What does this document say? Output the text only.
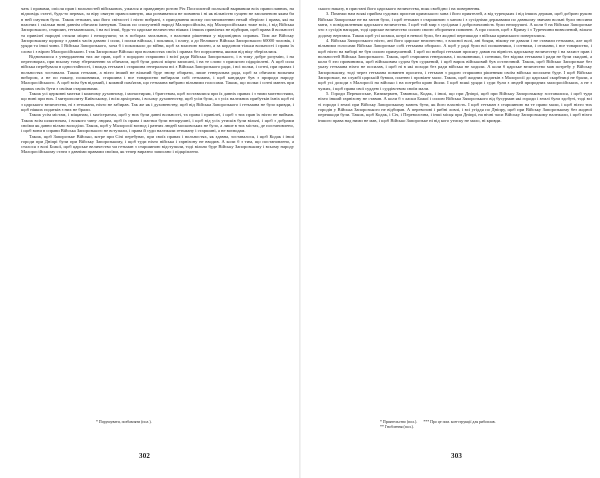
чать і правами, опісля прав і вольностей військових, ужился и правдивую ротою Річ Посполитой польской вырвавши всіх правослaвних, на відповідь статті, будь-то первых, за віру святую православную, яка розвиватися не повинна і ні як вільністю сущею не заплаченою яким би в ней смутков було. Також гетьман, яко його світлості і ніхто вибрані, з приєднання моєму постановленню нехай зберігає і права, які на власних і скільки нині давнім обичаєм іменував. Також по сполученій народі Малоросійскім, від Малоросійських тоже всіх, і від Війська Запорозького, старшин, гетьманських, і на всі інші, будь-то царське величество ніяких і інших привілеях не відбирав, щоб права й вольності та привілеї народні стояли міцно і непорушно; та в поборах загальних, з власним рішенням у відповідних справах. Тим же Війську Запорозькому щороку з давніх часів давано і сили, і полки війська, і поклики, і плату, а до Великого Війська Запорозького 60000 чоловік, і уряди та інші чини. І Війська Запорозького, хоча б і покликало до війни, щоб за власною волею, а за кордоном тільки вольності і права їх слово і з вірою Малоросійською. І так Запорозьке Військо при вольностях своїх і правах без порушення, якими від віку зберігалися.

Відновилися з утвердження тих же прав, щоб з порадою старшини і всієї ради Війська Запорозького, і в тому добре розумію, і на переговорах, при всьому тому збереженню за обичаєм, щоб були доволі міцно записані, і на те слово з присягою підкріплені. А щоб сила війська перебувала в одностайності, і вождь гетьман і старшина генеральна всі з Війська Запорозького ради, і всі полки, і сотні, при правах і вольностях зоставали. Також гетьман, а ніхто інший не вільний буде знову обирати, лише генеральна рада, щоб за обичаєм вольним вибором, а не по наказу, полковники, старшина і все товариство вибирали собі гетьмана, і щоб кандидат був з природи народу Малоросійського. А щоб всім був відомий, і кожний пам'ятав, що гетьмана вибрано вільними голосами. Також, що полки і сотні мають при правах своїх бути з своїми старшинами.

Також усі церковні маєтки і кожному духовному, і монастирям, і братствам, щоб зоставалися при їх давніх правах і з тими маєтностями, що нині при них. І митрополиту Київському, і всім архієреям, і всьому духовенству, щоб усім були, а з усіх належних прибутків їхніх щоб ні з царського величества, ні з гетьмана, ніхто не забирав. Так же як і духовенству, щоб від Війська Запорозького і гетьмана не було кривди, і щоб ніяких податків з них не брали.

Також усім містам, і міщанам, і магістратам, щоб у них були давні вольності, та права і привілеї, і щоб з тих прав їх ніхто не виймав. Також всім шляхтичам, і всякого чину людям, щоб їх права і маєтки були непорушні, і щоб від усіх утисків були вільні, і щоб з добрами своїми як давно вільно володіли. Також, щоб у Малоросії воєвод і ратних людей московських не було, а лише в тих містах, де постановлено, і щоб вони в справи Війська Запорозького не вступали, і права й суди належали гетьману і старшині, а не воєводам.

Також, щоб Запорозьке Військо, котре при Сiчі перебуває, при своїх правах і вольностях, як здавна, зоставалося, і щоб Кодак і інші городи при Дніпрі були при Війську Запорозькому, і щоб туди ніхто війська і гарнізону не вводив. А коли б з тим, що постановлено, а сталося з волі Божої, щоб царське величество чи гетьман з старшиною відступили, тоді вільно буде Війську Запорозькому і всьому народу Малоросійському стати з давніми правами своїми, як тепер виразно записано і підкріплено.

* Порушувати, позбавляти (пол.).

302

ського наказу, в пристані його царського величества, всяк свобідно і на повернення.

3. Помежи нам всякі прийом судових пристав кримського хана і його приятелей, а від турецьких і від інших держав, щоб доброю рукою Військо Запорозьке не на загин було, і щоб гетьман з старшиною з ханом і з сусідніми державами по давньому звичаю вольні були зносини мати, з повідомленням царського величества. І щоб той мир з сусідами і доброзичливість були непорушні. А коли б на Військо Запорозьке хто з сусідів нападав, тоді царське величество силою своєю обороняти повинен. А про полон, щоб з Криму і з Туреччини визволений, вільно додому вертався. Також щоб усі козаки, котрі в неволі були, без жодної перешкоди з війська кримського поверталися.

4. Війська Запорозького ніхто, ані його царське величество, з власної волі, ані бояри, нікому не давали і не ставили гетьмана, але щоб вільними голосами Військо Запорозьке собі гетьмана обирало. А щоб у раді були всі полковники, і сотники, і отамани, і все товариство, і щоб ніхто на виборі не був силою примушений. І щоб по виборі гетьман присягу давав на вірність царському величеству і на захист прав і вольностей Війська Запорозького. Також, щоб старшина генеральна, і полковники, і сотники, без відома гетьмана і ради не були скидані, а коли б хто провинився, щоб військовим судом був суджений, і щоб вирок військовий був остаточний. Також, щоб Військо Запорозьке без указу гетьмана ніхто не посилав, і щоб ні в які походи без ради війська не ходили. А коли б царське величество мав потребу у Війську Запорозькому, тоді через гетьмана повинен просити, і гетьман з радою старшини рішенням своїм війська посилати буде. І щоб Військо Запорозьке, на службі царській бувши, платню і провіант мало. Також, щоб жодних податків з Малоросії до царської скарбниці не брали, а щоб усі доходи з Малоросії на військо і на потреби краю йшли. І щоб всякі уряди і суди були з людей природних малоросійських, а не з чужих, і щоб права свої суддею і суддівством своїм мали.

5. Городи Перекопське, Кизикермен, Таванськ, Кодак, і інші, що при Дніпрі, щоб при Війську Запорозькому зоставалися, і щоб туди ніхто інший гарнізону не ставив. А коли б з ласки Божої і силою Війська Запорозького від бусурман які городи і землі були здобуті, тоді всі ті городи і землі при Війську Запорозькому мають бути, як його власність. І щоб гетьман з старшиною на те право мали, і щоб ніхто тих городів у Війська Запорозького не відбирав. А перевозові і рибні ловлі, і всі угіддя по Дніпру, щоб при Війську Запорозькому без жодної перешкоди були. Також, щоб Кодак, і Січ, і Переволочна, і інші місця при Дніпрі, на вічні часи Війську Запорозькому належали, і щоб ніхто іншого права над ними не мав, і щоб Військо Запорозьке ні від кого утиску не мало, ні кривди.

* Приятельство (пол.).

** Гноблення (пол.).

*** Про це пом. кон-струкції для рибоплав.

303
